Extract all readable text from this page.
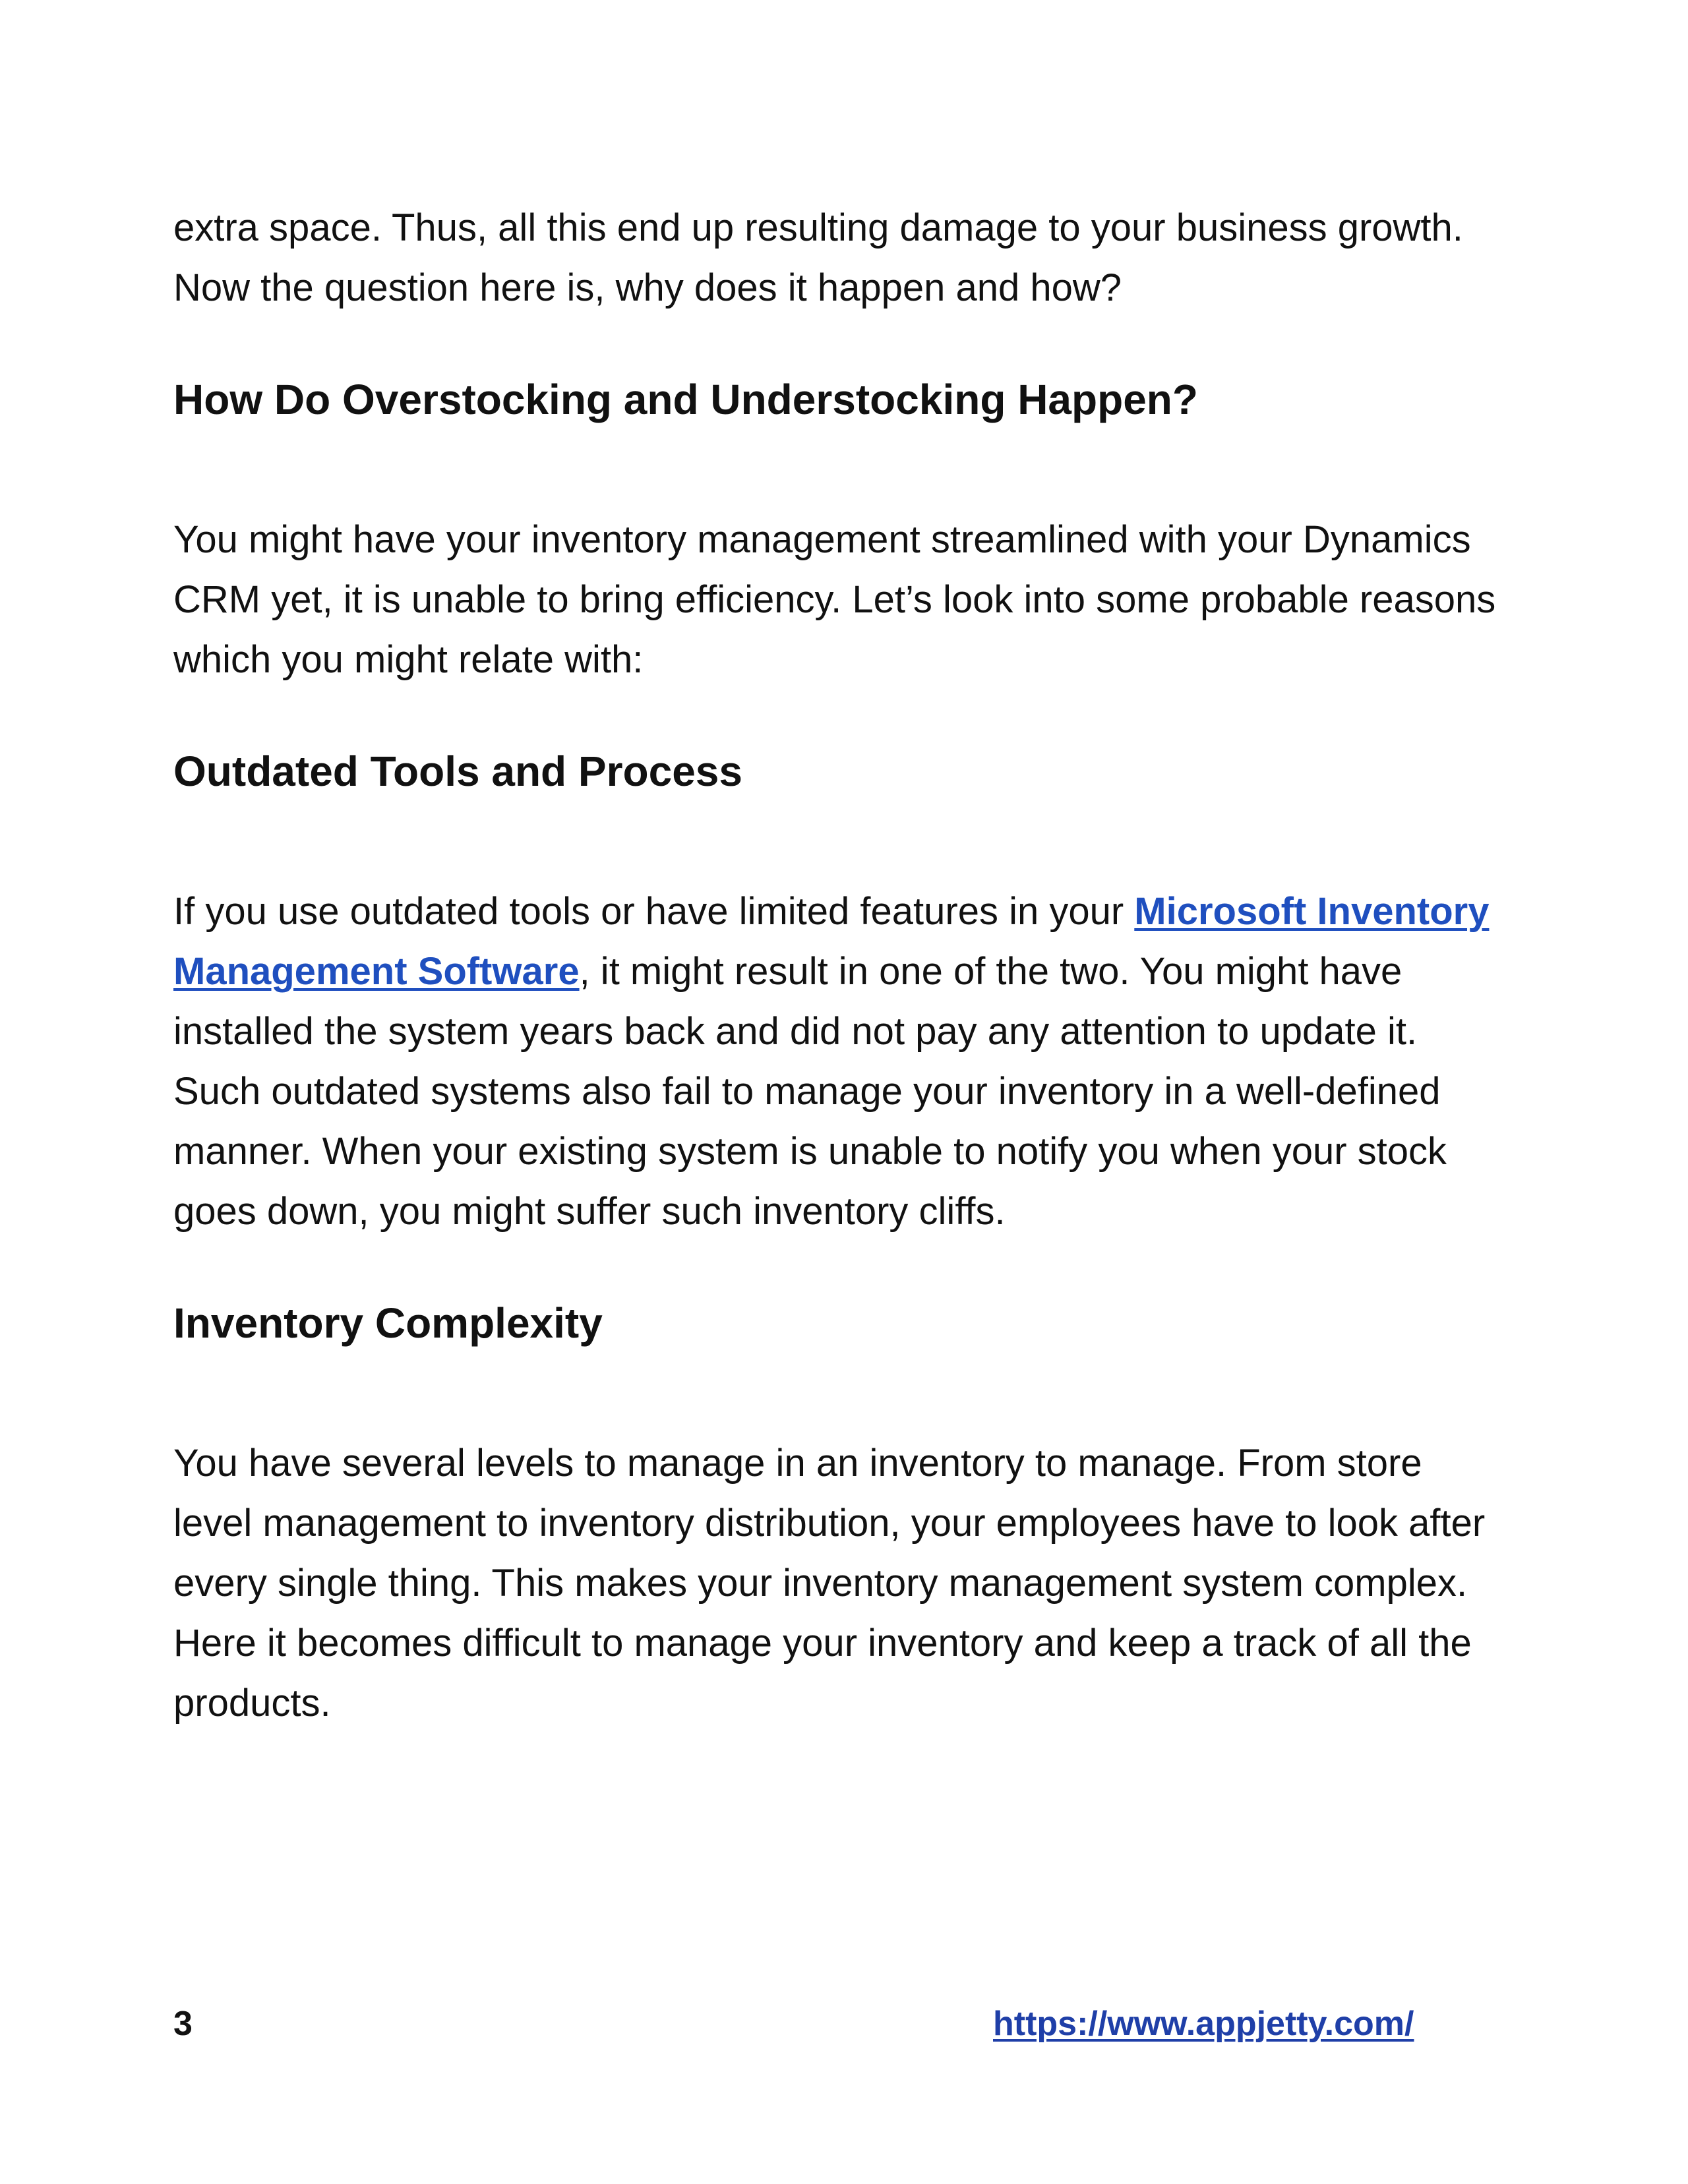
extra space. Thus, all this end up resulting damage to your business growth. Now the question here is, why does it happen and how?

How Do Overstocking and Understocking Happen?

You might have your inventory management streamlined with your Dynamics CRM yet, it is unable to bring efficiency. Let’s look into some probable reasons which you might relate with:

Outdated Tools and Process

If you use outdated tools or have limited features in your Microsoft Inventory Management Software, it might result in one of the two. You might have installed the system years back and did not pay any attention to update it. Such outdated systems also fail to manage your inventory in a well-defined manner. When your existing system is unable to notify you when your stock goes down, you might suffer such inventory cliffs.

Inventory Complexity

You have several levels to manage in an inventory to manage. From store level management to inventory distribution, your employees have to look after every single thing. This makes your inventory management system complex. Here it becomes difficult to manage your inventory and keep a track of all the products.

3	https://www.appjetty.com/
